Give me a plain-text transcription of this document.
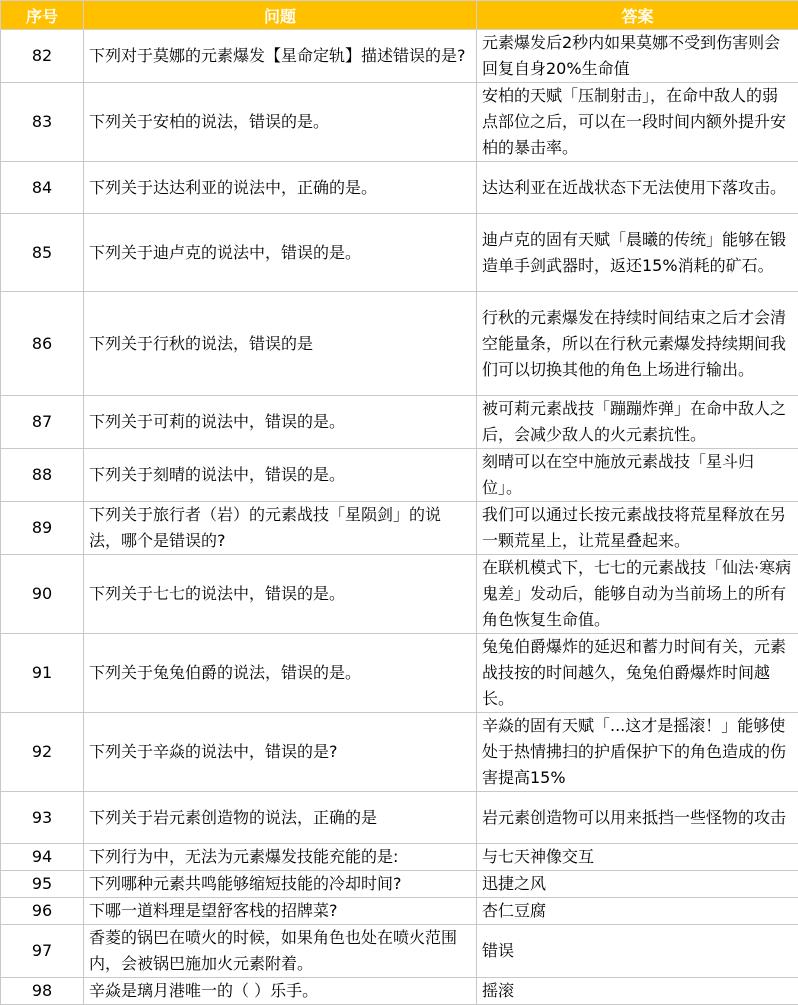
序号	问题	答案
82	下列对于莫娜的元素爆发【星命定轨】描述错误的是?	元素爆发后2秒内如果莫娜不受到伤害则会回复自身20%生命值
83	下列关于安柏的说法，错误的是。	安柏的天赋「压制射击」，在命中敌人的弱点部位之后，可以在一段时间内额外提升安柏的暴击率。
84	下列关于达达利亚的说法中，正确的是。	达达利亚在近战状态下无法使用下落攻击。
85	下列关于迪卢克的说法中，错误的是。	迪卢克的固有天赋「晨曦的传统」能够在锻造单手剑武器时，返还15%消耗的矿石。
86	下列关于行秋的说法，错误的是	行秋的元素爆发在持续时间结束之后才会清空能量条，所以在行秋元素爆发持续期间我们可以切换其他的角色上场进行输出。
87	下列关于可莉的说法中，错误的是。	被可莉元素战技「蹦蹦炸弹」在命中敌人之后，会减少敌人的火元素抗性。
88	下列关于刻晴的说法中，错误的是。	刻晴可以在空中施放元素战技「星斗归位」。
89	下列关于旅行者（岩）的元素战技「星陨剑」的说法，哪个是错误的?	我们可以通过长按元素战技将荒星释放在另一颗荒星上，让荒星叠起来。
90	下列关于七七的说法中，错误的是。	在联机模式下，七七的元素战技「仙法·寒病鬼差」发动后，能够自动为当前场上的所有角色恢复生命值。
91	下列关于兔兔伯爵的说法，错误的是。	兔兔伯爵爆炸的延迟和蓄力时间有关，元素战技按的时间越久，兔兔伯爵爆炸时间越长。
92	下列关于辛焱的说法中，错误的是?	辛焱的固有天赋「...这才是摇滚！」能够使处于热情拂扫的护盾保护下的角色造成的伤害提高15%
93	下列关于岩元素创造物的说法，正确的是	岩元素创造物可以用来抵挡一些怪物的攻击
94	下列行为中，无法为元素爆发技能充能的是:	与七天神像交互
95	下列哪种元素共鸣能够缩短技能的冷却时间?	迅捷之风
96	下哪一道料理是望舒客栈的招牌菜?	杏仁豆腐
97	香菱的锅巴在喷火的时候，如果角色也处在喷火范围内，会被锅巴施加火元素附着。	错误
98	辛焱是璃月港唯一的（ ）乐手。	摇滚
